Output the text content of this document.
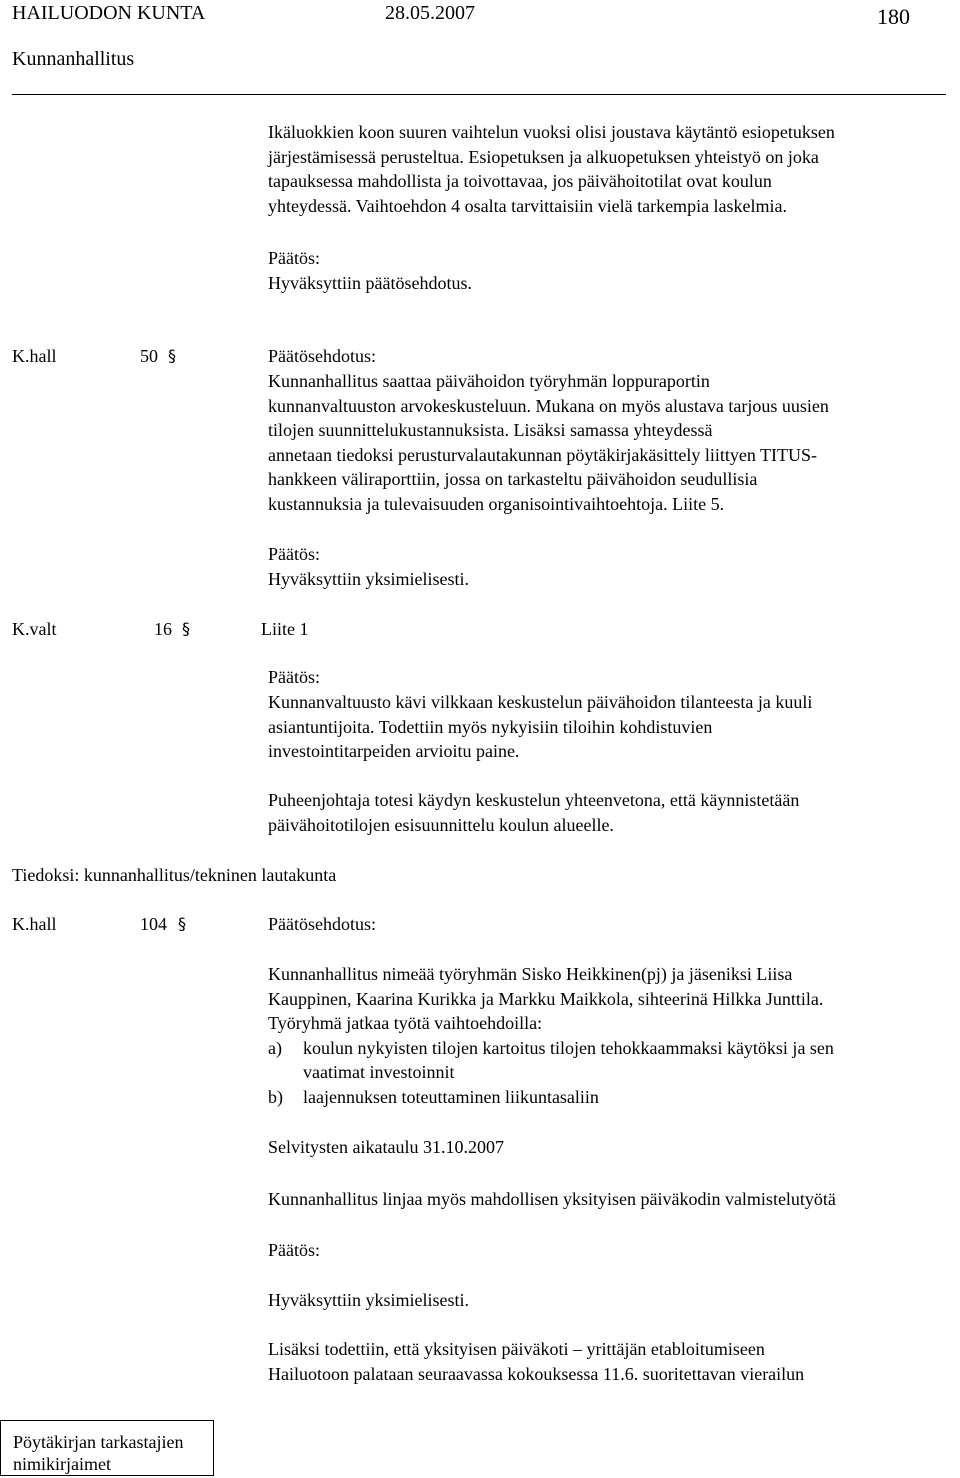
HAILUODON KUNTA	28.05.2007	180
Kunnanhallitus
Ikäluokkien koon suuren vaihtelun vuoksi olisi joustava käytäntö esiopetuksen
järjestämisessä perusteltua. Esiopetuksen ja alkuopetuksen yhteistyö on joka
tapauksessa mahdollista ja toivottavaa, jos päivähoitotilat ovat koulun
yhteydessä. Vaihtoehdon 4 osalta tarvittaisiin vielä tarkempia laskelmia.
Päätös:
Hyväksyttiin päätösehdotus.
K.hall	50 §	Päätösehdotus:
Kunnanhallitus saattaa päivähoidon työryhmän loppuraportin
kunnanvaltuuston arvokeskusteluun. Mukana on myös alustava tarjous uusien
tilojen suunnittelukustannuksista. Lisäksi samassa yhteydessä
annetaan tiedoksi perusturvalautakunnan pöytäkirjakäsittely liittyen TITUS-
hankkeen väliraporttiin, jossa on tarkasteltu päivähoidon seudullisia
kustannuksia ja tulevaisuuden organisointivaihtoehtoja. Liite 5.
Päätös:
Hyväksyttiin yksimielisesti.
K.valt	16 §	Liite 1
Päätös:
Kunnanvaltuusto kävi vilkkaan keskustelun päivähoidon tilanteesta ja kuuli
asiantuntijoita. Todettiin myös nykyisiin tiloihin kohdistuvien
investointitarpeiden arvioitu paine.
Puheenjohtaja totesi käydyn keskustelun yhteenvetona, että käynnistetään
päivähoitotilojen esisuunnittelu koulun alueelle.
Tiedoksi: kunnanhallitus/tekninen lautakunta
K.hall	104 §	Päätösehdotus:
Kunnanhallitus nimeää työryhmän Sisko Heikkinen(pj) ja jäseniksi Liisa
Kauppinen, Kaarina Kurikka ja Markku Maikkola, sihteerinä Hilkka Junttila.
Työryhmä jatkaa työtä vaihtoehdoilla:
a)	koulun nykyisten tilojen kartoitus tilojen tehokkaammaksi käytöksi ja sen
vaatimat investoinnit
b)	laajennuksen toteuttaminen liikuntasaliin
Selvitysten aikataulu 31.10.2007
Kunnanhallitus linjaa myös mahdollisen yksityisen päiväkodin valmistelutyötä
Päätös:
Hyväksyttiin yksimielisesti.
Lisäksi todettiin, että yksityisen päiväkoti – yrittäjän etabloitumiseen
Hailuotoon palataan seuraavassa kokouksessa 11.6. suoritettavan vierailun
Pöytäkirjan tarkastajien
nimikirjaimet
